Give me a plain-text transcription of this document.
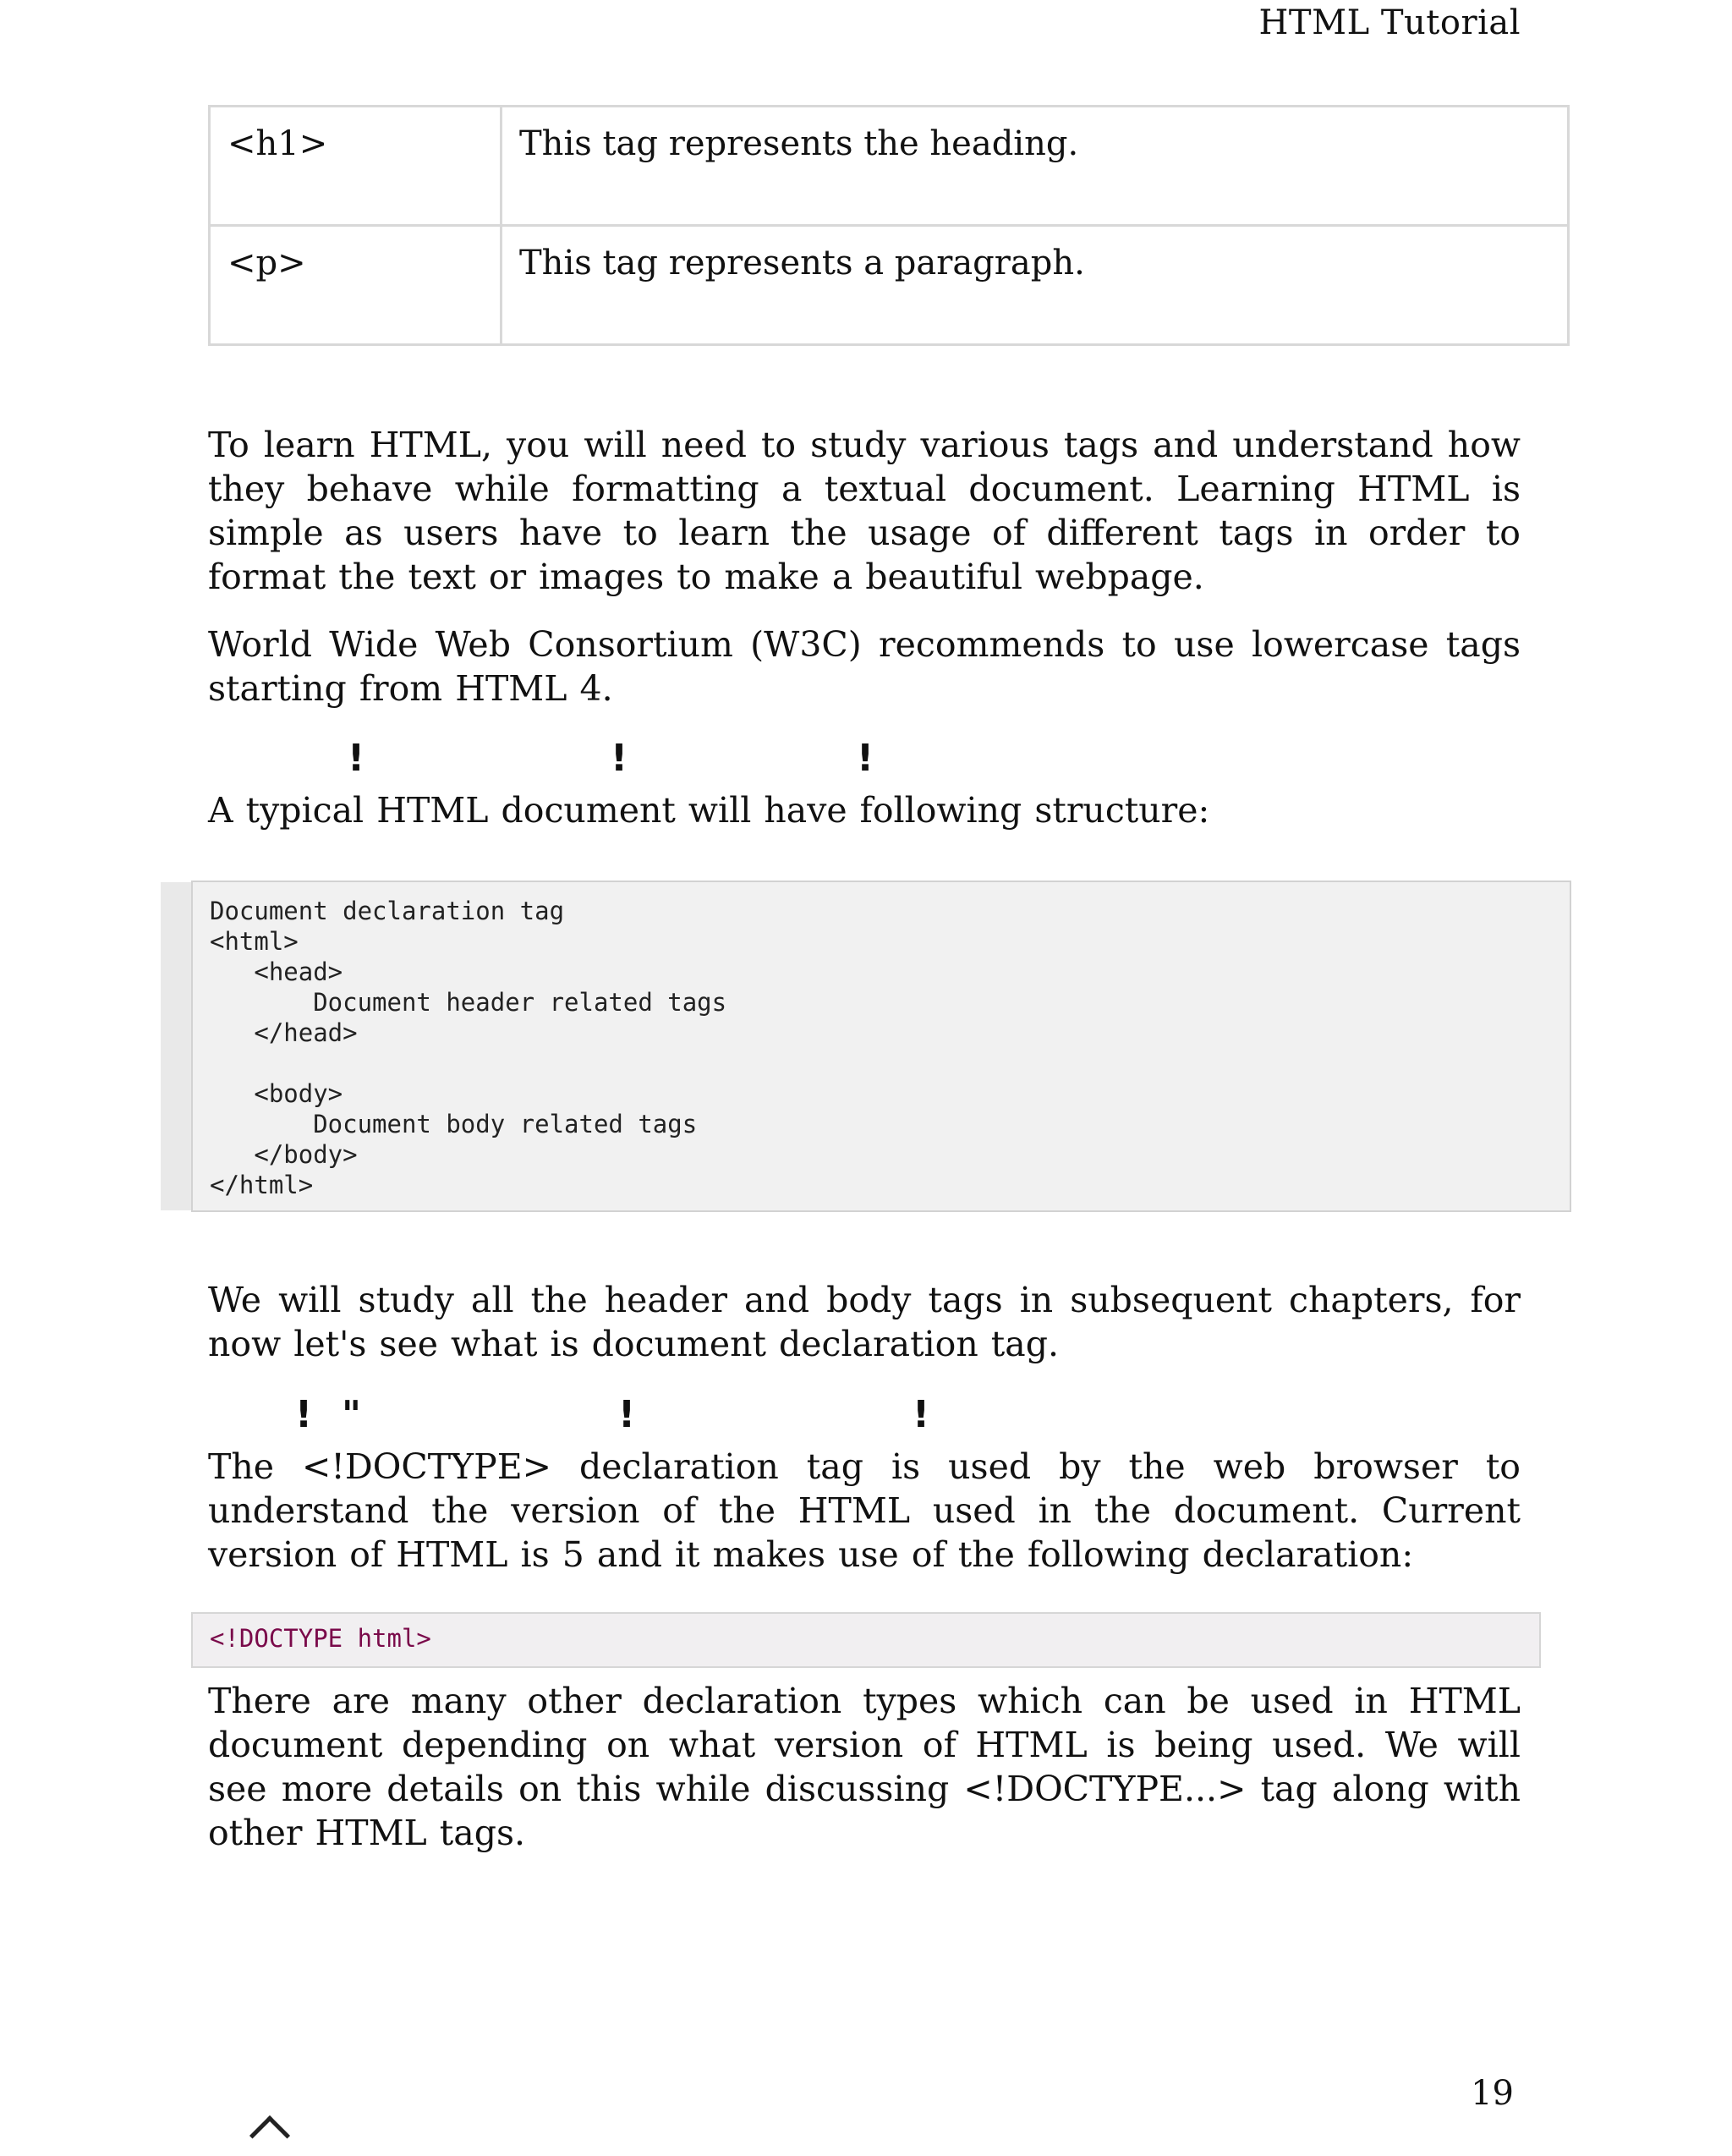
HTML Tutorial
<h1>	This tag represents the heading.
<p>	This tag represents a paragraph.

To learn HTML, you will need to study various tags and understand how they behave while formatting a textual document. Learning HTML is simple as users have to learn the usage of different tags in order to format the text or images to make a beautiful webpage.

World Wide Web Consortium (W3C) recommends to use lowercase tags starting from HTML 4.

!	!	!

A typical HTML document will have following structure:

Document declaration tag
<html>
<head>
Document header related tags
</head>
<body>
Document body related tags
</body>
</html>

We will study all the header and body tags in subsequent chapters, for now let's see what is document declaration tag.

! "	!	!

The <!DOCTYPE> declaration tag is used by the web browser to understand the version of the HTML used in the document. Current version of HTML is 5 and it makes use of the following declaration:

<!DOCTYPE html>

There are many other declaration types which can be used in HTML document depending on what version of HTML is being used. We will see more details on this while discussing <!DOCTYPE...> tag along with other HTML tags.

19
